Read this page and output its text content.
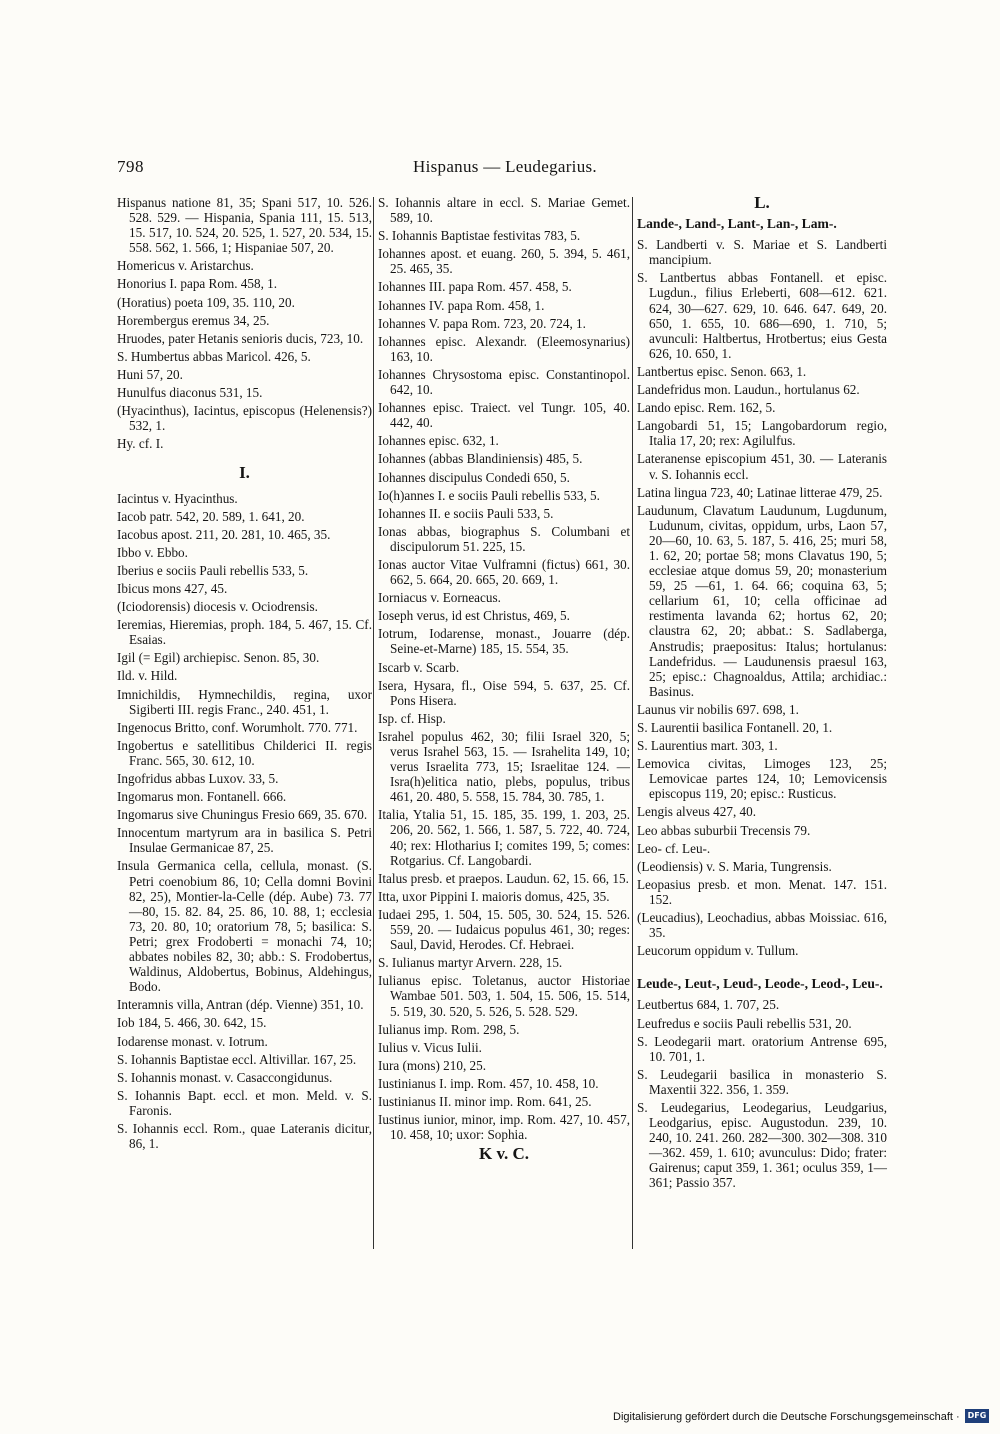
798	Hispanus — Leudegarius.
Hispanus natione 81, 35; Spani 517, 10. 526. 528. 529. — Hispania, Spania 111, 15. 513, 15. 517, 10. 524, 20. 525, 1. 527, 20. 534, 15. 558. 562, 1. 566, 1; Hispaniae 507, 20.
Homericus v. Aristarchus.
Honorius I. papa Rom. 458, 1.
(Horatius) poeta 109, 35. 110, 20.
Horembergus eremus 34, 25.
Hruodes, pater Hetanis senioris ducis, 723, 10.
S. Humbertus abbas Maricol. 426, 5.
Huni 57, 20.
Hunulfus diaconus 531, 15.
(Hyacinthus), Iacintus, episcopus (Helenensis?) 532, 1.
Hy. cf. I.
I.
Iacintus v. Hyacinthus.
Iacob patr. 542, 20. 589, 1. 641, 20.
Iacobus apost. 211, 20. 281, 10. 465, 35.
Ibbo v. Ebbo.
Iberius e sociis Pauli rebellis 533, 5.
Ibicus mons 427, 45.
(Iciodorensis) diocesis v. Ociodrensis.
Ieremias, Hieremias, proph. 184, 5. 467, 15. Cf. Esaias.
Igil (= Egil) archiepisc. Senon. 85, 30.
Ild. v. Hild.
Imnichildis, Hymnechildis, regina, uxor Sigiberti III. regis Franc., 240. 451, 1.
Ingenocus Britto, conf. Worumholt. 770. 771.
Ingobertus e satellitibus Childerici II. regis Franc. 565, 30. 612, 10.
Ingofridus abbas Luxov. 33, 5.
Ingomarus mon. Fontanell. 666.
Ingomarus sive Chuningus Fresio 669, 35. 670.
Innocentum martyrum ara in basilica S. Petri Insulae Germanicae 87, 25.
Insula Germanica cella, cellula, monast. (S. Petri coenobium 86, 10; Cella domni Bovini 82, 25), Montier-la-Celle (dép. Aube) 73. 77—80, 15. 82. 84, 25. 86, 10. 88, 1; ecclesia 73, 20. 80, 10; oratorium 78, 5; basilica: S. Petri; grex Frodoberti = monachi 74, 10; abbates nobiles 82, 30; abb.: S. Frodobertus, Waldinus, Aldobertus, Bobinus, Aldehingus, Bodo.
Interamnis villa, Antran (dép. Vienne) 351, 10.
Iob 184, 5. 466, 30. 642, 15.
Iodarense monast. v. Iotrum.
S. Iohannis Baptistae eccl. Altivillar. 167, 25.
S. Iohannis monast. v. Casaccongidunus.
S. Iohannis Bapt. eccl. et mon. Meld. v. S. Faronis.
S. Iohannis eccl. Rom., quae Lateranis dicitur, 86, 1.
S. Iohannis altare in eccl. S. Mariae Gemet. 589, 10.
S. Iohannis Baptistae festivitas 783, 5.
Iohannes apost. et euang. 260, 5. 394, 5. 461, 25. 465, 35.
Iohannes III. papa Rom. 457. 458, 5.
Iohannes IV. papa Rom. 458, 1.
Iohannes V. papa Rom. 723, 20. 724, 1.
Iohannes episc. Alexandr. (Eleemosynarius) 163, 10.
Iohannes Chrysostoma episc. Constantinopol. 642, 10.
Iohannes episc. Traiect. vel Tungr. 105, 40. 442, 40.
Iohannes episc. 632, 1.
Iohannes (abbas Blandiniensis) 485, 5.
Iohannes discipulus Condedi 650, 5.
Io(h)annes I. e sociis Pauli rebellis 533, 5.
Iohannes II. e sociis Pauli 533, 5.
Ionas abbas, biographus S. Columbani et discipulorum 51. 225, 15.
Ionas auctor Vitae Vulframni (fictus) 661, 30. 662, 5. 664, 20. 665, 20. 669, 1.
Iorniacus v. Eorneacus.
Ioseph verus, id est Christus, 469, 5.
Iotrum, Iodarense, monast., Jouarre (dép. Seine-et-Marne) 185, 15. 554, 35.
Iscarb v. Scarb.
Isera, Hysara, fl., Oise 594, 5. 637, 25. Cf. Pons Hisera.
Isp. cf. Hisp.
Israhel populus 462, 30; filii Israel 320, 5; verus Israhel 563, 15. — Israhelita 149, 10; verus Israelita 773, 15; Israelitae 124. — Isra(h)elitica natio, plebs, populus, tribus 461, 20. 480, 5. 558, 15. 784, 30. 785, 1.
Italia, Ytalia 51, 15. 185, 35. 199, 1. 203, 25. 206, 20. 562, 1. 566, 1. 587, 5. 722, 40. 724, 40; rex: Hlotharius I; comites 199, 5; comes: Rotgarius. Cf. Langobardi.
Italus presb. et praepos. Laudun. 62, 15. 66, 15.
Itta, uxor Pippini I. maioris domus, 425, 35.
Iudaei 295, 1. 504, 15. 505, 30. 524, 15. 526. 559, 20. — Iudaicus populus 461, 30; reges: Saul, David, Herodes. Cf. Hebraei.
S. Iulianus martyr Arvern. 228, 15.
Iulianus episc. Toletanus, auctor Historiae Wambae 501. 503, 1. 504, 15. 506, 15. 514, 5. 519, 30. 520, 5. 526, 5. 528. 529.
Iulianus imp. Rom. 298, 5.
Iulius v. Vicus Iulii.
Iura (mons) 210, 25.
Iustinianus I. imp. Rom. 457, 10. 458, 10.
Iustinianus II. minor imp. Rom. 641, 25.
Iustinus iunior, minor, imp. Rom. 427, 10. 457, 10. 458, 10; uxor: Sophia.
K v. C.
L.
Lande-, Land-, Lant-, Lan-, Lam-.
S. Landberti v. S. Mariae et S. Landberti mancipium.
S. Lantbertus abbas Fontanell. et episc. Lugdun., filius Erleberti, 608—612. 621. 624, 30—627. 629, 10. 646. 647. 649, 20. 650, 1. 655, 10. 686—690, 1. 710, 5; avunculi: Haltbertus, Hrotbertus; eius Gesta 626, 10. 650, 1.
Lantbertus episc. Senon. 663, 1.
Landefridus mon. Laudun., hortulanus 62.
Lando episc. Rem. 162, 5.
Langobardi 51, 15; Langobardorum regio, Italia 17, 20; rex: Agilulfus.
Lateranense episcopium 451, 30. — Lateranis v. S. Iohannis eccl.
Latina lingua 723, 40; Latinae litterae 479, 25.
Laudunum, Clavatum Laudunum, Lugdunum, Ludunum, civitas, oppidum, urbs, Laon 57, 20—60, 10. 63, 5. 187, 5. 416, 25; muri 58, 1. 62, 20; portae 58; mons Clavatus 190, 5; ecclesiae atque domus 59, 20; monasterium 59, 25 —61, 1. 64. 66; coquina 63, 5; cellarium 61, 10; cella officinae ad restimenta lavanda 62; hortus 62, 20; claustra 62, 20; abbat.: S. Sadlaberga, Anstrudis; praepositus: Italus; hortulanus: Landefridus. — Laudunensis praesul 163, 25; episc.: Chagnoaldus, Attila; archidiac.: Basinus.
Launus vir nobilis 697. 698, 1.
S. Laurentii basilica Fontanell. 20, 1.
S. Laurentius mart. 303, 1.
Lemovica civitas, Limoges 123, 25; Lemovicae partes 124, 10; Lemovicensis episcopus 119, 20; episc.: Rusticus.
Lengis alveus 427, 40.
Leo abbas suburbii Trecensis 79.
Leo- cf. Leu-.
(Leodiensis) v. S. Maria, Tungrensis.
Leopasius presb. et mon. Menat. 147. 151. 152.
(Leucadius), Leochadius, abbas Moissiac. 616, 35.
Leucorum oppidum v. Tullum.
Leude-, Leut-, Leud-, Leode-, Leod-, Leu-.
Leutbertus 684, 1. 707, 25.
Leufredus e sociis Pauli rebellis 531, 20.
S. Leodegarii mart. oratorium Antrense 695, 10. 701, 1.
S. Leudegarii basilica in monasterio S. Maxentii 322. 356, 1. 359.
S. Leudegarius, Leodegarius, Leudgarius, Leodgarius, episc. Augustodun. 239, 10. 240, 10. 241. 260. 282—300. 302—308. 310—362. 459, 1. 610; avunculus: Dido; frater: Gairenus; caput 359, 1. 361; oculus 359, 1—361; Passio 357.
Digitalisierung gefördert durch die Deutsche Forschungsgemeinschaft · DFG
